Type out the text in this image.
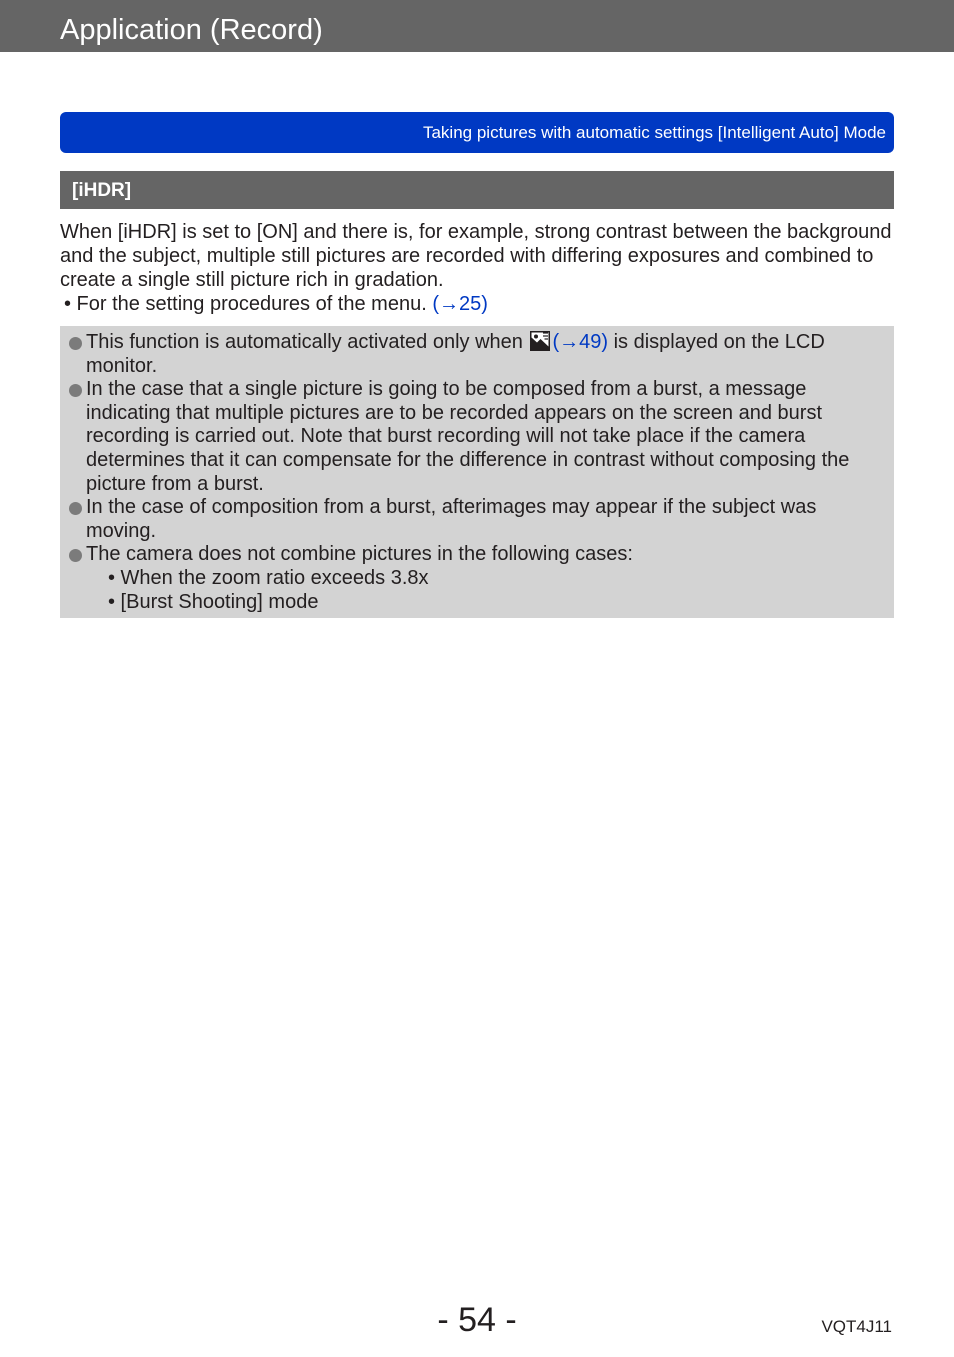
Application (Record)
Taking pictures with automatic settings [Intelligent Auto] Mode
[iHDR]

When [iHDR] is set to [ON] and there is, for example, strong contrast between the background and the subject, multiple still pictures are recorded with differing exposures and combined to create a single still picture rich in gradation.

• For the setting procedures of the menu. (→25)

This function is automatically activated only when (→49) is displayed on the LCD monitor.
In the case that a single picture is going to be composed from a burst, a message indicating that multiple pictures are to be recorded appears on the screen and burst recording is carried out. Note that burst recording will not take place if the camera determines that it can compensate for the difference in contrast without composing the picture from a burst.
In the case of composition from a burst, afterimages may appear if the subject was moving.
The camera does not combine pictures in the following cases:
• When the zoom ratio exceeds 3.8x
• [Burst Shooting] mode
- 54 -	VQT4J11
